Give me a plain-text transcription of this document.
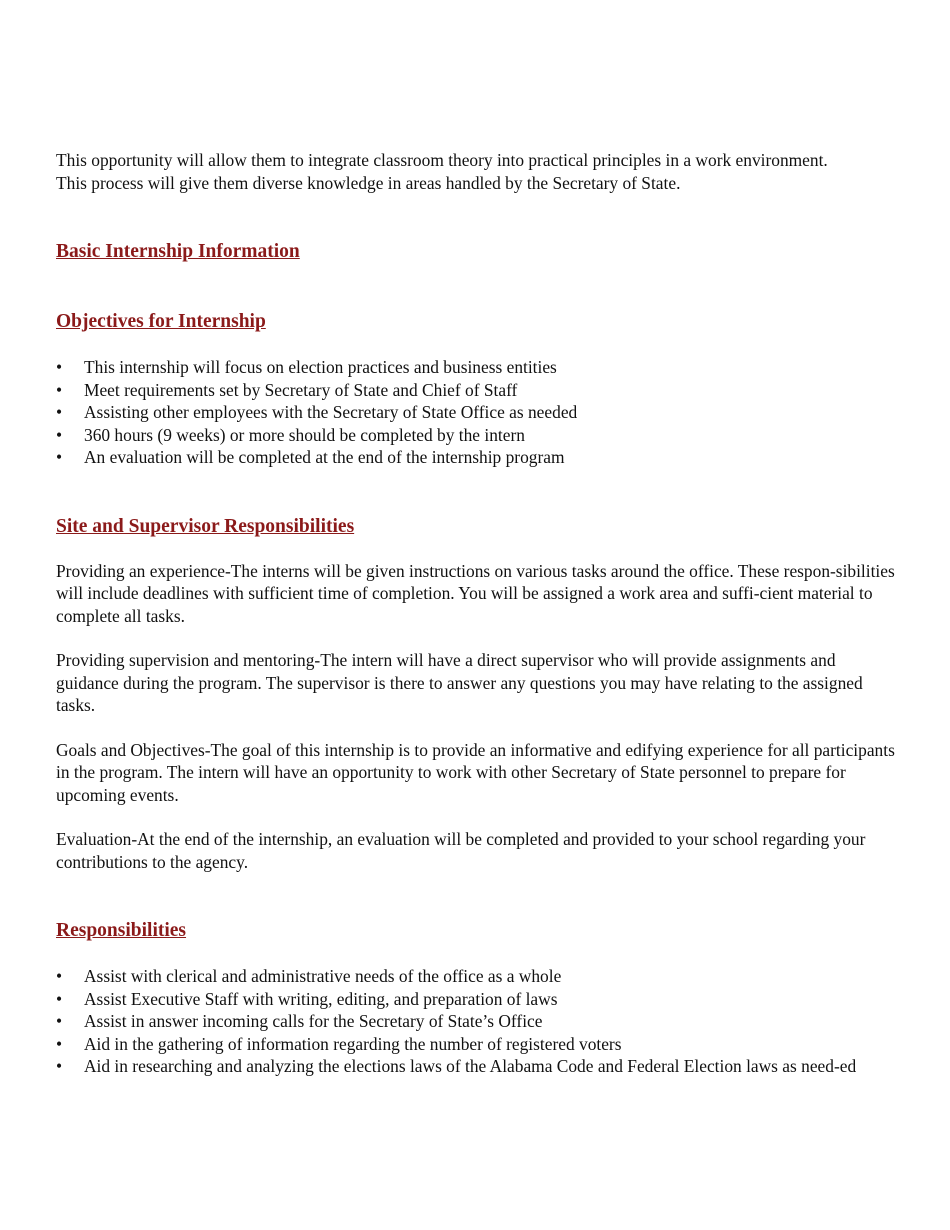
This opportunity will allow them to integrate classroom theory into practical principles in a work environment.
This process will give them diverse knowledge in areas handled by the Secretary of State.

Basic Internship Information
Objectives for Internship
•	This internship will focus on election practices and business entities
•	Meet requirements set by Secretary of State and Chief of Staff
•	Assisting other employees with the Secretary of State Office as needed
•	360 hours (9 weeks) or more should be completed by the intern
•	An evaluation will be completed at the end of the internship program
Site and Supervisor Responsibilities

Providing an experience-The interns will be given instructions on various tasks around the office. These respon-sibilities will include deadlines with sufficient time of completion. You will be assigned a work area and suffi-cient material to complete all tasks.

Providing supervision and mentoring-The intern will have a direct supervisor who will provide assignments and guidance during the program. The supervisor is there to answer any questions you may have relating to the assigned tasks.

Goals and Objectives-The goal of this internship is to provide an informative and edifying experience for all participants in the program. The intern will have an opportunity to work with other Secretary of State personnel to prepare for upcoming events.

Evaluation-At the end of the internship, an evaluation will be completed and provided to your school regarding your contributions to the agency.

Responsibilities
•	Assist with clerical and administrative needs of the office as a whole
•	Assist Executive Staff with writing, editing, and preparation of laws
•	Assist in answer incoming calls for the Secretary of State’s Office
•	Aid in the gathering of information regarding the number of registered voters
•	Aid in researching and analyzing the elections laws of the Alabama Code and Federal Election laws as need-ed
